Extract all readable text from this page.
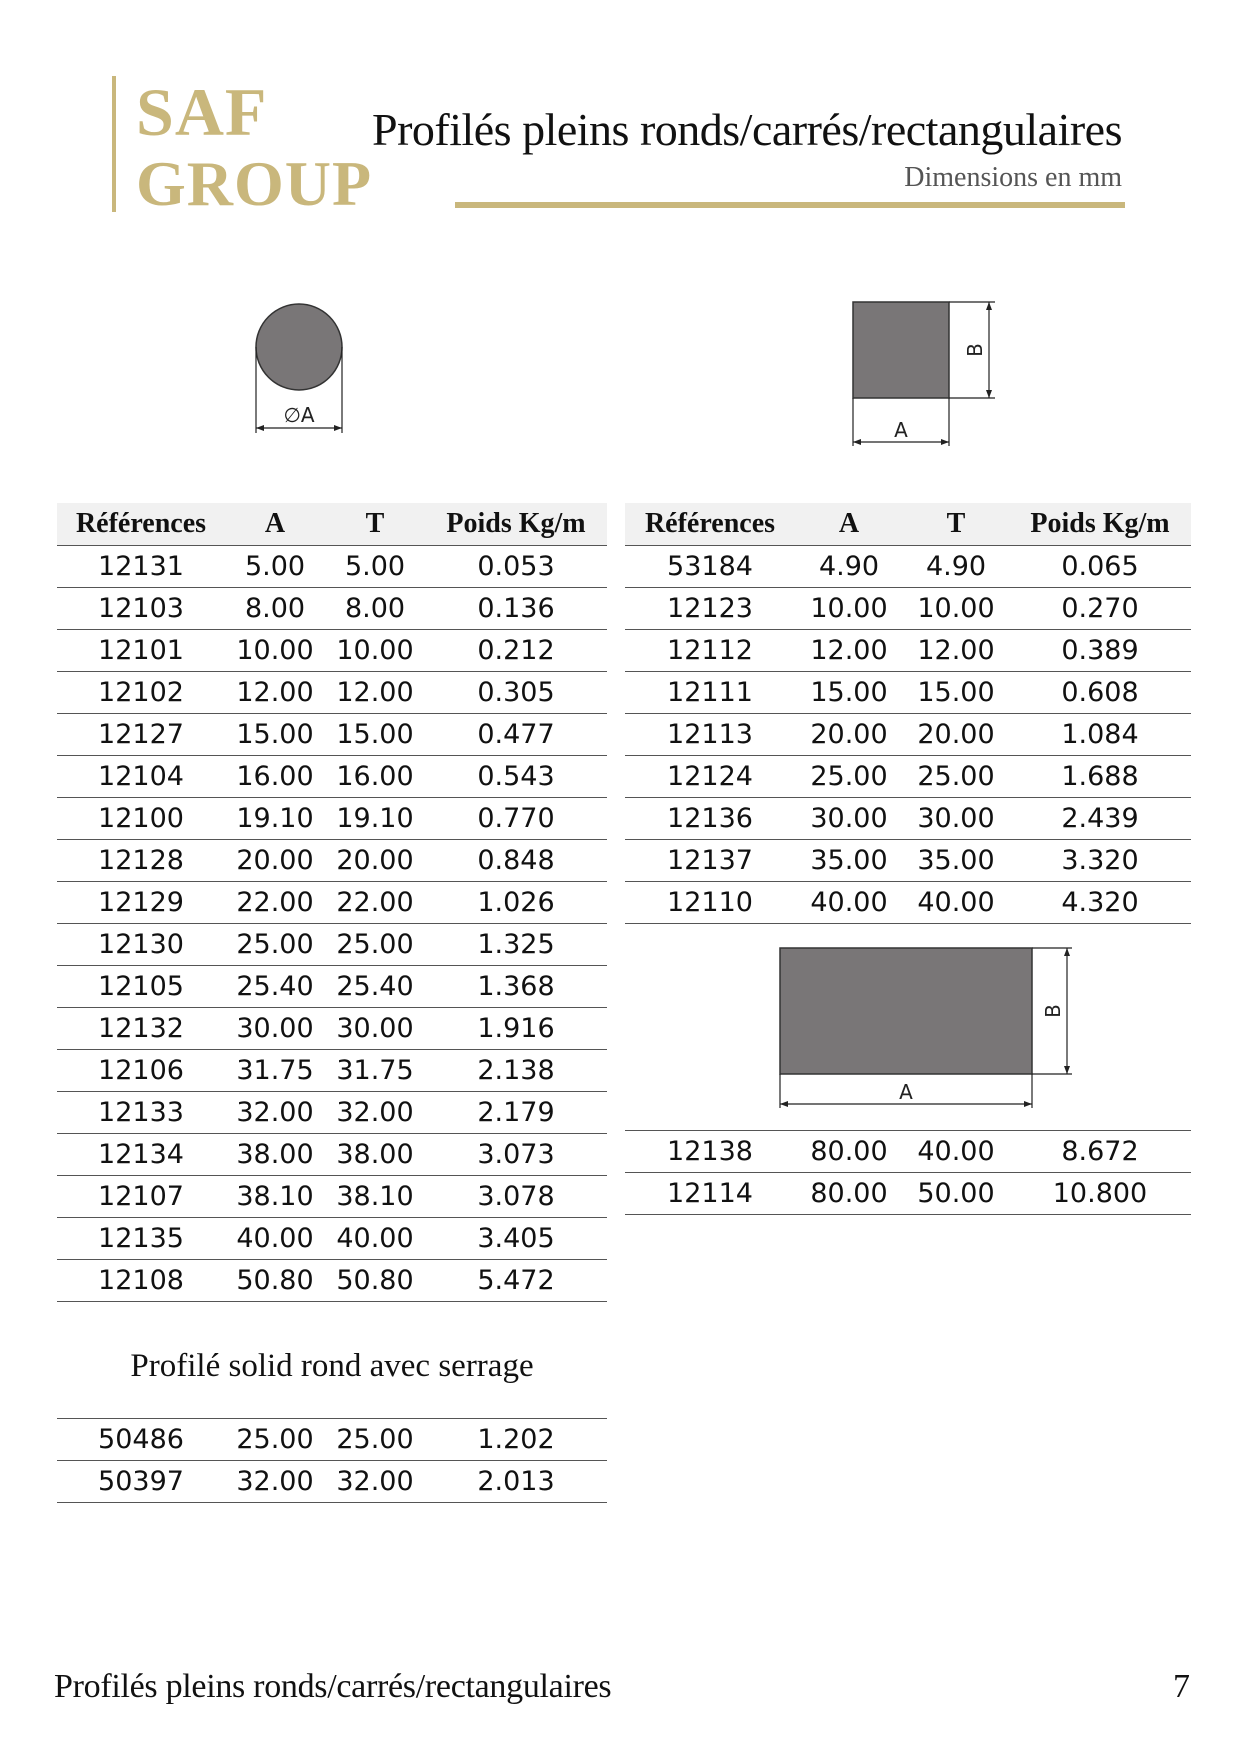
SAF
GROUP
Profilés pleins ronds/carrés/rectangulaires
Dimensions en mm
∅A
B
A
B
A
Références	A	T	Poids Kg/m
12131	5.00	5.00	0.053
12103	8.00	8.00	0.136
12101	10.00	10.00	0.212
12102	12.00	12.00	0.305
12127	15.00	15.00	0.477
12104	16.00	16.00	0.543
12100	19.10	19.10	0.770
12128	20.00	20.00	0.848
12129	22.00	22.00	1.026
12130	25.00	25.00	1.325
12105	25.40	25.40	1.368
12132	30.00	30.00	1.916
12106	31.75	31.75	2.138
12133	32.00	32.00	2.179
12134	38.00	38.00	3.073
12107	38.10	38.10	3.078
12135	40.00	40.00	3.405
12108	50.80	50.80	5.472
Références	A	T	Poids Kg/m
53184	4.90	4.90	0.065
12123	10.00	10.00	0.270
12112	12.00	12.00	0.389
12111	15.00	15.00	0.608
12113	20.00	20.00	1.084
12124	25.00	25.00	1.688
12136	30.00	30.00	2.439
12137	35.00	35.00	3.320
12110	40.00	40.00	4.320
12138	80.00	40.00	8.672
12114	80.00	50.00	10.800
Profilé solid rond avec serrage
50486	25.00	25.00	1.202
50397	32.00	32.00	2.013
Profilés pleins ronds/carrés/rectangulaires	7
